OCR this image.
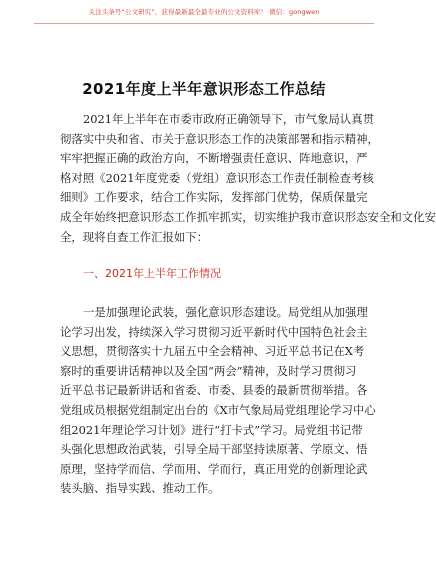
关注头条号“公文研究”，获得最新最全最专业的公文资料库！ 微信：gongwen
2021年度上半年意识形态工作总结
2021年上半年在市委市政府正确领导下，市气象局认真贯
彻落实中央和省、市关于意识形态工作的决策部署和指示精神，
牢牢把握正确的政治方向，不断增强责任意识、阵地意识，严
格对照《2021年度党委（党组）意识形态工作责任制检查考核
细则》工作要求，结合工作实际，发挥部门优势，保质保量完
成全年始终把意识形态工作抓牢抓实，切实维护我市意识形态安全和文化安
全，现将自查工作汇报如下：
一、2021年上半年工作情况
一是加强理论武装，强化意识形态建设。局党组从加强理
论学习出发，持续深入学习贯彻习近平新时代中国特色社会主
义思想，贯彻落实十九届五中全会精神、习近平总书记在X考
察时的重要讲话精神以及全国“两会”精神，及时学习贯彻习
近平总书记最新讲话和省委、市委、县委的最新贯彻举措。各
党组成员根据党组制定出台的《X市气象局局党组理论学习中心
组2021年理论学习计划》进行“打卡式”学习。局党组书记带
头强化思想政治武装，引导全局干部坚持读原著、学原文、悟
原理，坚持学而信、学而用、学而行，真正用党的创新理论武
装头脑、指导实践、推动工作。
